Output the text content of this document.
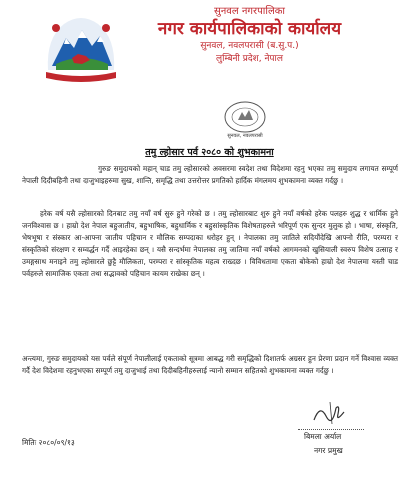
सुनवल नगरपालिका
नगर कार्यपालिकाको कार्यालय
सुनवल, नवलपरासी (ब.सु.प.)
लुम्बिनी प्रदेश, नेपाल
सुनवल, नवलपरासी
तमु ल्होसार पर्व २०८० को शुभकामना

गुरुङ समुदायको महान् चाड तमु ल्होसारको अवसरमा स्वदेश तथा विदेशमा रहनु भएका तमु समुदाय लगायत सम्पूर्ण नेपाली दिदीबहिनी तथा दाजुभाइहरुमा सुख, शान्ति, समृद्धि तथा उत्तरोत्तर प्रगतिको हार्दिक मंगलमय शुभकामना व्यक्त गर्दछु ।

हरेक वर्ष यसै ल्होसारको दिनबाट तमु नयाँ वर्ष सुरु हुने गरेको छ । तमु ल्होसारबाट शुरु हुने नयाँ वर्षको हरेक पलहरु शुद्ध र धार्मिक हुने जनविश्वास छ । हाम्रो देश नेपाल बहुजातीय, बहुभाषिक, बहुधार्मिक र बहुसांस्कृतिक विशेषताहरुले भरिपूर्ण एक सुन्दर मुलुक हो । भाषा, संस्कृति, भेषभूषा र संस्कार आ-आफ्ना जातीय पहिचान र मौलिक सम्पदाका धरोहर हुन् । नेपालका तमु जातिले सदियौंदेखि आफ्नो रीति, परम्परा र संस्कृतिको संरक्षण र सम्वर्द्धन गर्दै आइरहेका छन् । यसै सन्दर्भमा नेपालका तमु जातिमा नयाँ वर्षको आगमनको खुसियाली स्वरुप विशेष उत्साह र उमङ्गसाथ मनाइने तमु ल्होसारले छुट्टै मौलिकता, परम्परा र सांस्कृतिक महत्व राख्दछ । विविधतामा एकता बोकेको हाम्रो देश नेपालमा यस्ती चाड पर्वहरुले सामाजिक एकता तथा सद्भावको पहिचान कायम राखेका छन् ।

अन्त्यमा, गुरुङ समुदायको यस पर्वले संपूर्ण नेपालीलाई एकताको सूत्रमा आबद्ध गरी समृद्धिको दिशातर्फ अग्रसर हुन प्रेरणा प्रदान गर्ने विश्वास व्यक्त गर्दै देश विदेशमा रहनुभएका सम्पूर्ण तमु दाजुभाई तथा दिदीबहिनीहरुलाई न्यानो सम्मान सहितको शुभकामना व्यक्त गर्दछु ।

मितिः २०८०/०९/१३
बिमला अर्याल
नगर प्रमुख
